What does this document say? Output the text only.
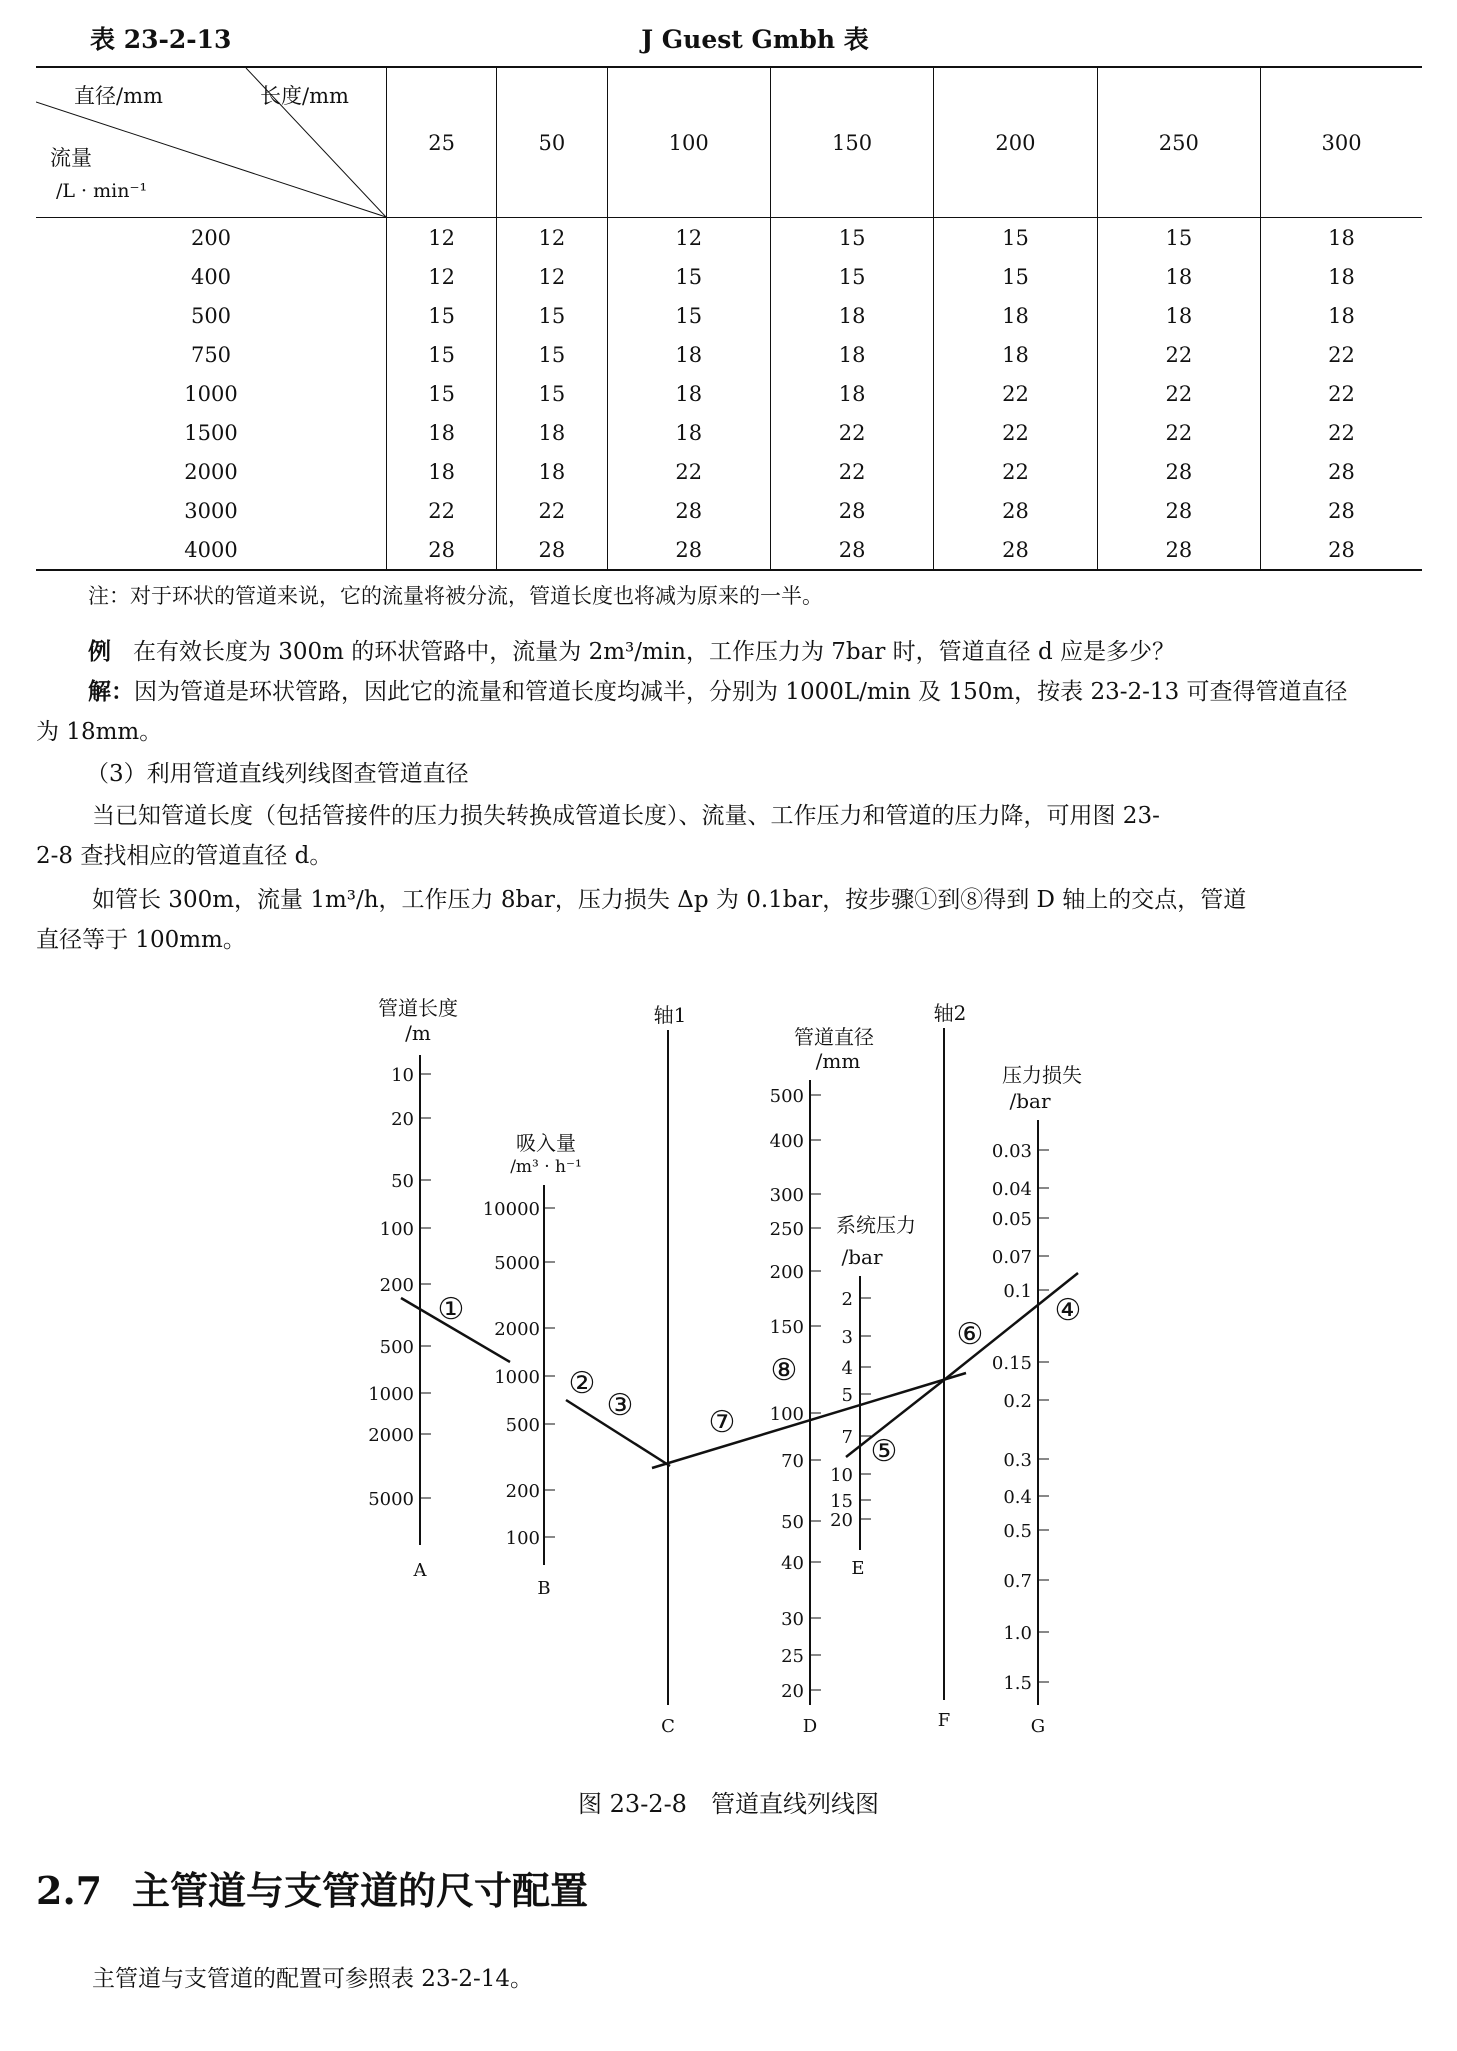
表 23-2-13	J Guest Gmbh 表
直径/mm 长度/mm
流量
/L · min⁻¹	25	50	100	150	200	250	300
200	12	12	12	15	15	15	18
400	12	12	15	15	15	18	18
500	15	15	15	18	18	18	18
750	15	15	18	18	18	22	22
1000	15	15	18	18	22	22	22
1500	18	18	18	22	22	22	22
2000	18	18	22	22	22	28	28
3000	22	22	28	28	28	28	28
4000	28	28	28	28	28	28	28
注：对于环状的管道来说，它的流量将被分流，管道长度也将减为原来的一半。
例 在有效长度为 300m 的环状管路中，流量为 2m³/min，工作压力为 7bar 时，管道直径 d 应是多少？
解：因为管道是环状管路，因此它的流量和管道长度均减半，分别为 1000L/min 及 150m，按表 23-2-13 可查得管道直径
为 18mm。
（3）利用管道直线列线图查管道直径
当已知管道长度（包括管接件的压力损失转换成管道长度）、流量、工作压力和管道的压力降，可用图 23-
2-8 查找相应的管道直径 d。
如管长 300m，流量 1m³/h，工作压力 8bar，压力损失 Δp 为 0.1bar，按步骤①到⑧得到 D 轴上的交点，管道
直径等于 100mm。
管道长度
/m
10
20
50
100
200
500
1000
2000
5000
A
吸入量
/m³ · h⁻¹
10000
5000
2000
1000
500
200
100
B
轴1
C
管道直径
/mm
500
400
300
250
200
150
100
70
50
40
30
25
20
D
系统压力
/bar
2
3
4
5
7
10
15
20
E
轴2
F
压力损失
/bar
0.03
0.04
0.05
0.07
0.1
0.15
0.2
0.3
0.4
0.5
0.7
1.0
1.5
G
①
②
③
④
⑤
⑥
⑦
⑧
图 23-2-8　管道直线列线图
2.7 主管道与支管道的尺寸配置
主管道与支管道的配置可参照表 23-2-14。
